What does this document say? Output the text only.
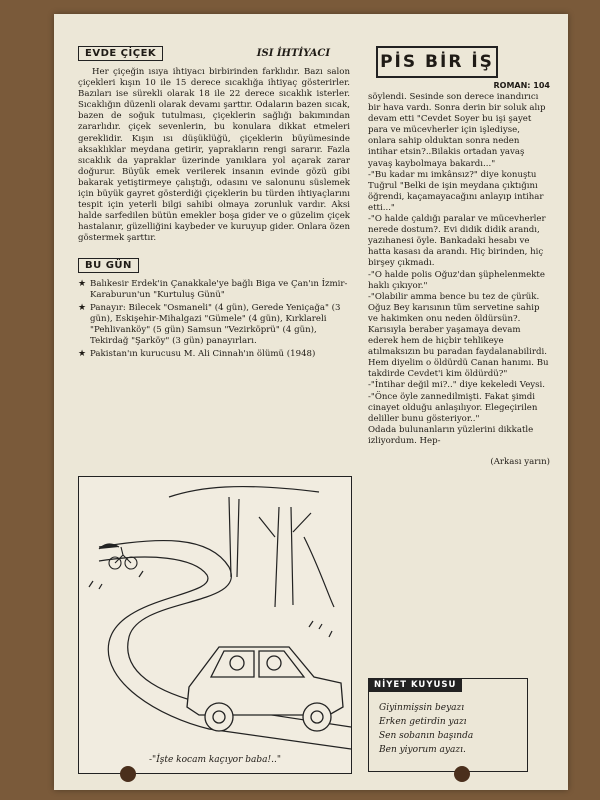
EVDE ÇİÇEK	ISI İHTİYACI

Her çiçeğin ısıya ihtiyacı birbirinden farklıdır. Bazı salon çiçekleri kışın 10 ile 15 derece sıcaklığa ihtiyaç gösterirler. Bazıları ise sürekli olarak 18 ile 22 derece sıcaklık isterler. Sıcaklığın düzenli olarak devamı şarttır. Odaların bazen sıcak, bazen de soğuk tutulması, çiçeklerin sağlığı bakımından zararlıdır. çiçek sevenlerin, bu konulara dikkat etmeleri gereklidir. Kışın ısı düşüklüğü, çiçeklerin büyümesinde aksaklıklar meydana getirir, yaprakların rengi sararır. Fazla sıcaklık da yapraklar üzerinde yanıklara yol açarak zarar doğurur. Büyük emek verilerek insanın evinde gözü gibi bakarak yetiştirmeye çalıştığı, odasını ve salonunu süslemek için büyük gayret gösterdiği çiçeklerin bu türden ihtiyaçlarını tespit için yeterli bilgi sahibi olmaya zorunluk vardır. Aksi halde sarfedilen bütün emekler boşa gider ve o güzelim çiçek hastalanır, güzelliğini kaybeder ve kuruyup gider. Onlara özen göstermek şarttır.

BU GÜN
★ Balıkesir Erdek'in Çanakkale'ye bağlı Biga ve Çan'ın İzmir-Karaburun'un "Kurtuluş Günü"
★ Panayır: Bilecek "Osmaneli" (4 gün), Gerede Yeniçağa" (3 gün), Eskişehir-Mihalgazi "Gümele" (4 gün), Kırklareli "Pehlivanköy" (5 gün) Samsun "Vezirköprü" (4 gün), Tekirdağ "Şarköy" (3 gün) panayırları.
★ Pakistan'ın kurucusu M. Ali Cinnah'ın ölümü (1948)
-"İşte kocam kaçıyor baba!.."
PİS BİR İŞ
ROMAN: 104

söylendi. Sesinde son derece inandırıcı bir hava vardı. Sonra derin bir soluk alıp devam etti "Cevdet Soyer bu işi şayet para ve mücevherler için işlediyse, onlara sahip olduktan sonra neden intihar etsin?..Bilakis ortadan yavaş yavaş kaybolmaya bakardı..."
-"Bu kadar mı imkânsız?" diye konuştu Tuğrul "Belki de işin meydana çıktığını öğrendi, kaçamayacağını anlayıp intihar etti..."
-"O halde çaldığı paralar ve mücevherler nerede dostum?. Evi didik didik arandı, yazıhanesi öyle. Bankadaki hesabı ve hatta kasası da arandı. Hiç birinden, hiç birşey çıkmadı.
-"O halde polis Oğuz'dan şüphelenmekte haklı çıkıyor."
-"Olabilir amma bence bu tez de çürük. Oğuz Bey karısının tüm servetine sahip ve hakimken onu neden öldürsün?. Karısıyla beraber yaşamaya devam ederek hem de hiçbir tehlikeye atılmaksızın bu paradan faydalanabilirdi. Hem diyelim o öldürdü Canan hanımı. Bu takdirde Cevdet'i kim öldürdü?"
-"İntihar değil mi?.." diye kekeledi Veysi.
-"Önce öyle zannedilmişti. Fakat şimdi cinayet olduğu anlaşılıyor. Elegeçirilen deliller bunu gösteriyor.."
Odada bulunanların yüzlerini dikkatle izliyordum. Hep-

(Arkası yarın)
NİYET KUYUSU
Giyinmişsin beyazı
Erken getirdin yazı
Sen sobanın başında
Ben yiyorum ayazı.
